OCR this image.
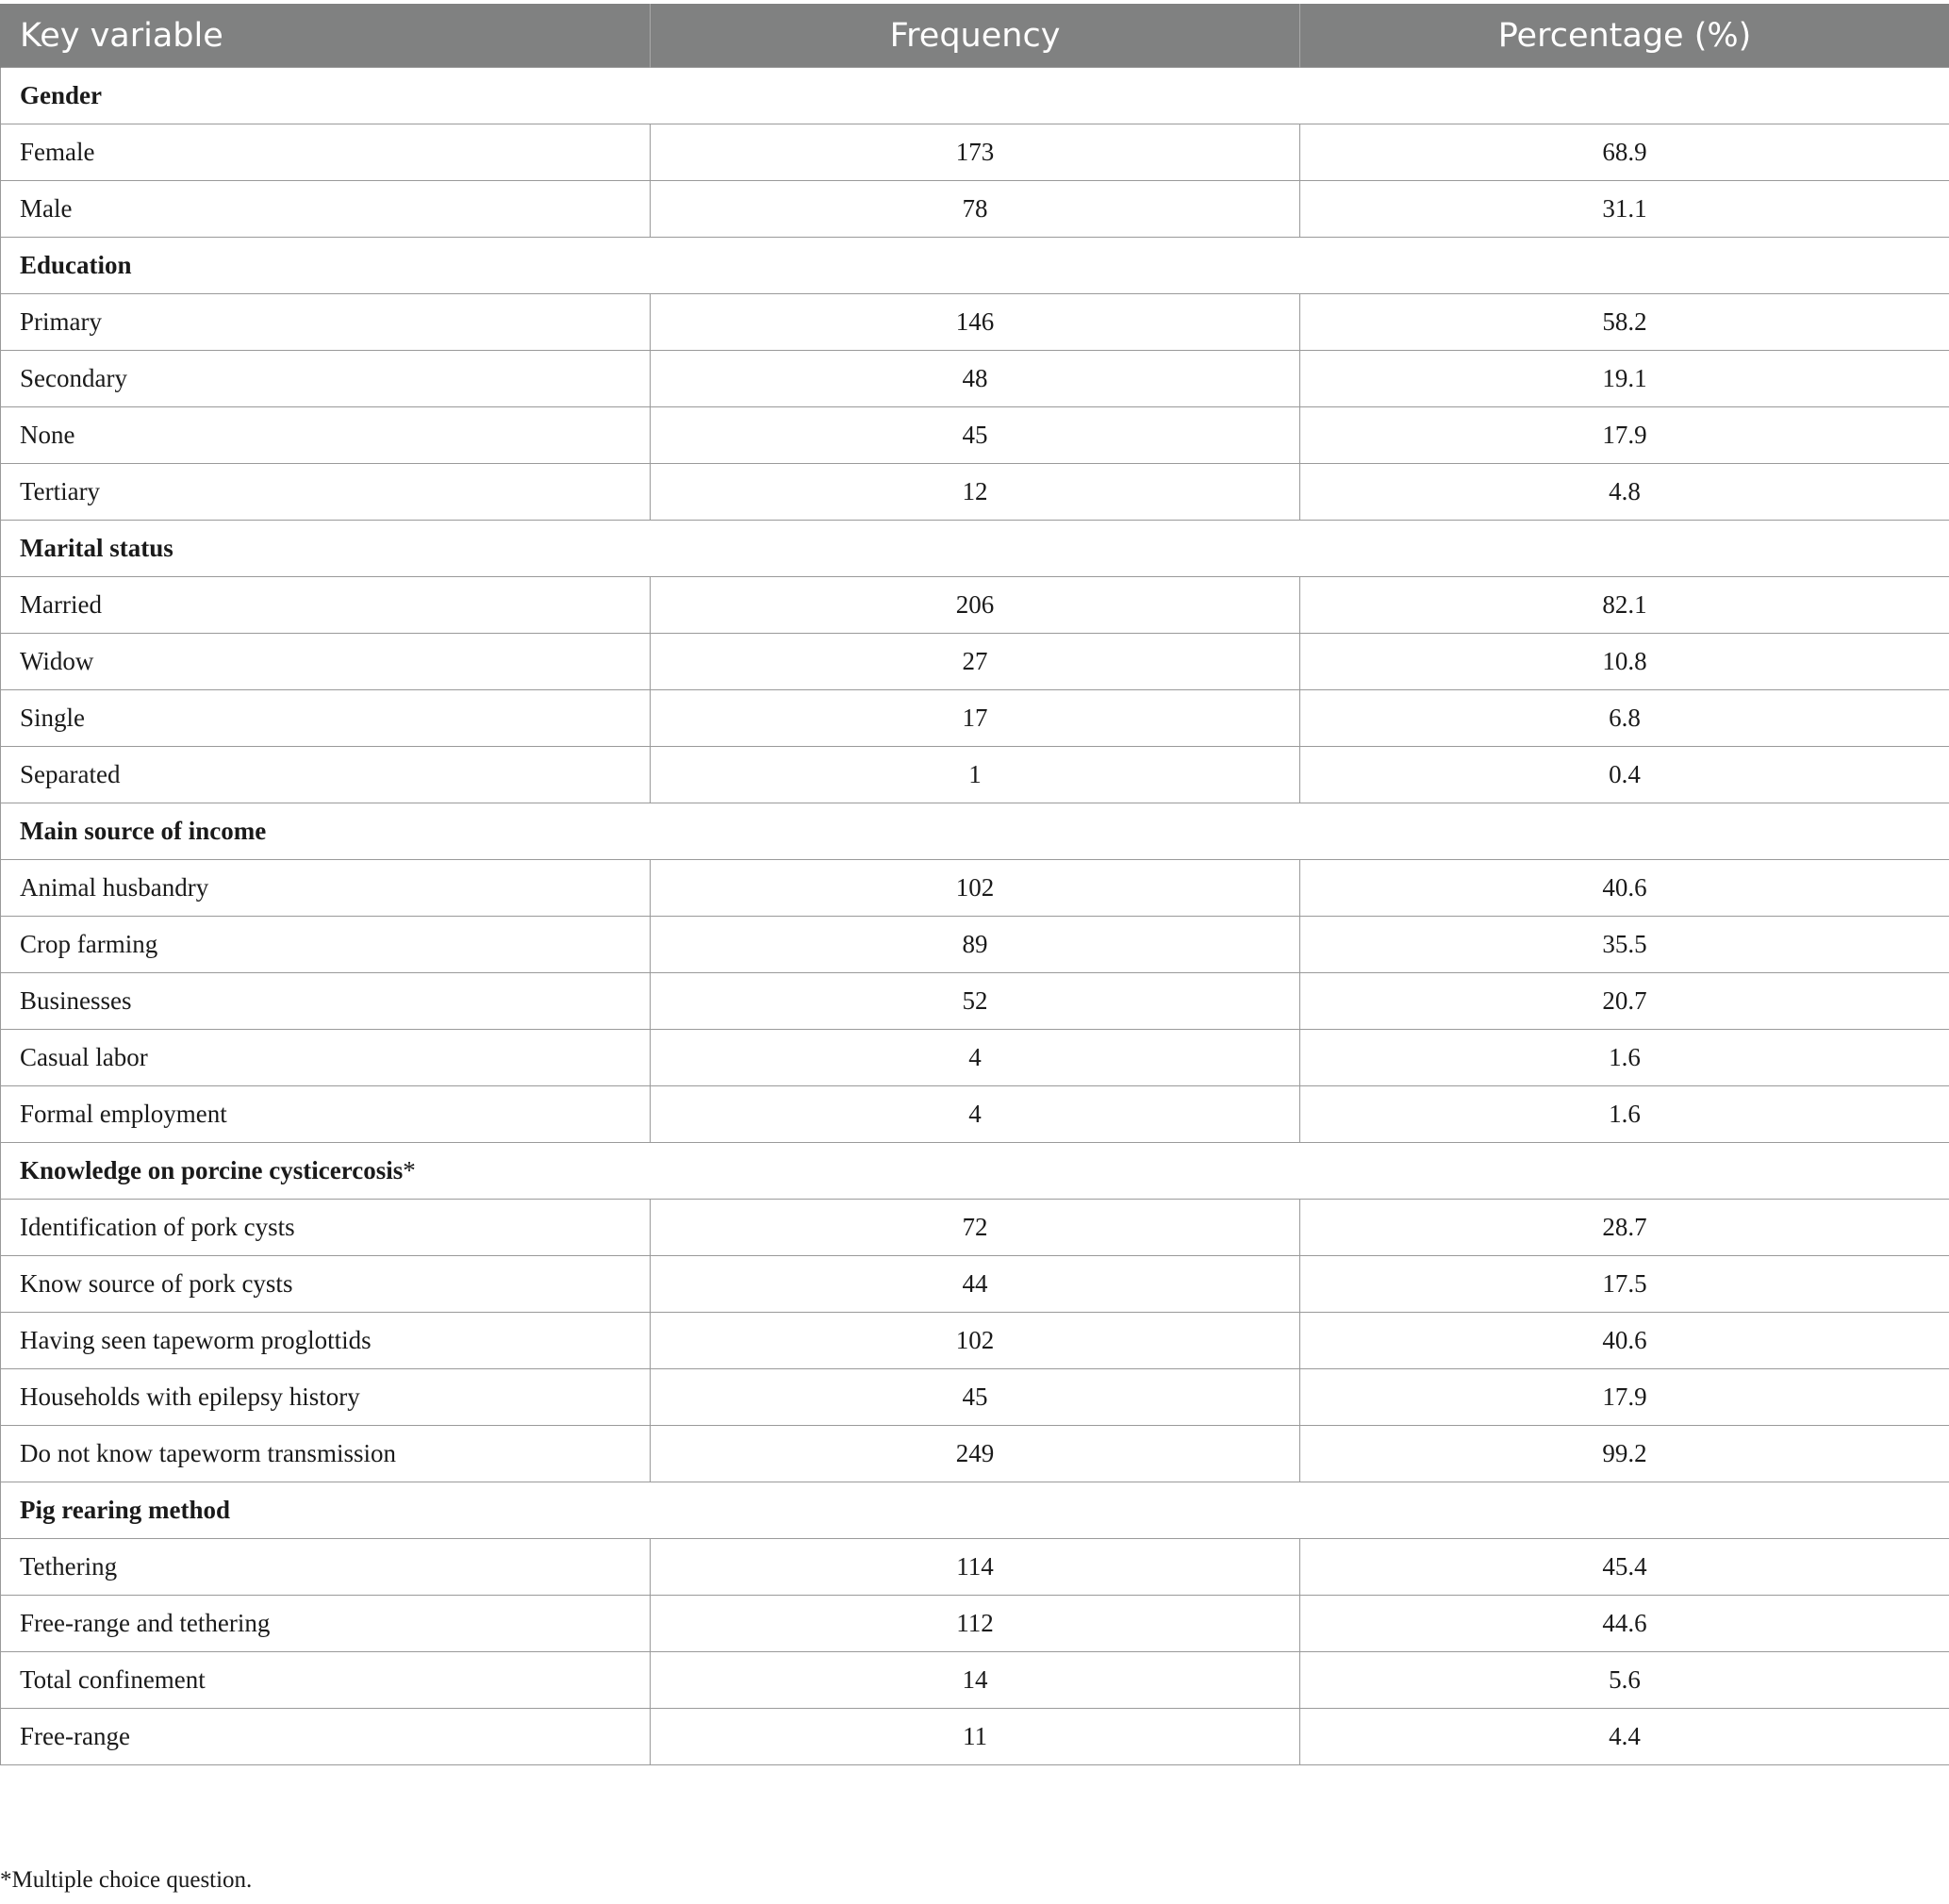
Key variable	Frequency	Percentage (%)
Gender		
Female	173	68.9
Male	78	31.1
Education		
Primary	146	58.2
Secondary	48	19.1
None	45	17.9
Tertiary	12	4.8
Marital status		
Married	206	82.1
Widow	27	10.8
Single	17	6.8
Separated	1	0.4
Main source of income		
Animal husbandry	102	40.6
Crop farming	89	35.5
Businesses	52	20.7
Casual labor	4	1.6
Formal employment	4	1.6
Knowledge on porcine cysticercosis*		
Identification of pork cysts	72	28.7
Know source of pork cysts	44	17.5
Having seen tapeworm proglottids	102	40.6
Households with epilepsy history	45	17.9
Do not know tapeworm transmission	249	99.2
Pig rearing method		
Tethering	114	45.4
Free-range and tethering	112	44.6
Total confinement	14	5.6
Free-range	11	4.4
*Multiple choice question.
